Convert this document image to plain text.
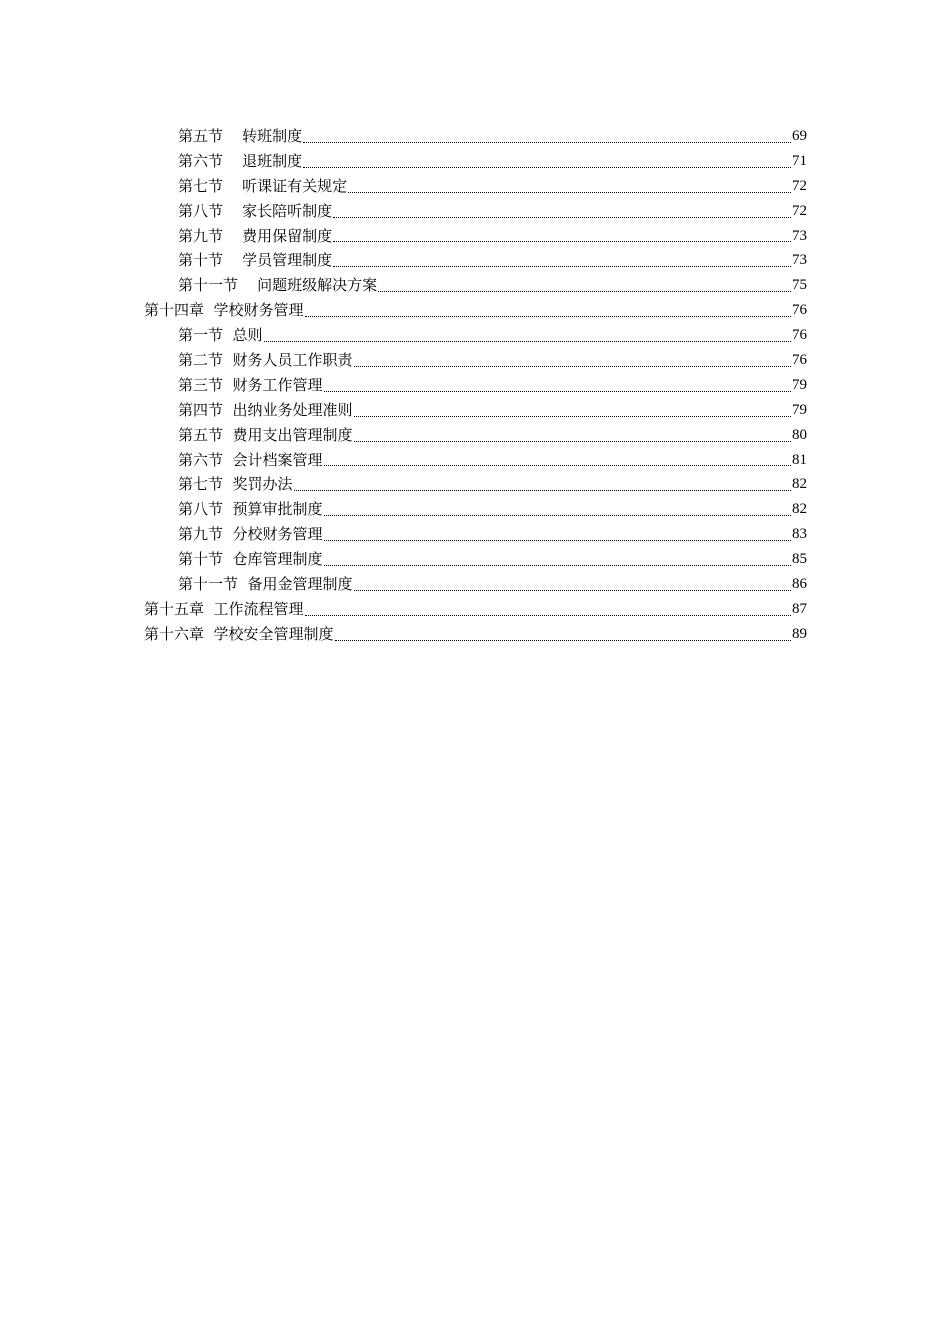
第五节    转班制度	69
第六节    退班制度	71
第七节    听课证有关规定	72
第八节    家长陪听制度	72
第九节    费用保留制度	73
第十节    学员管理制度	73
第十一节    问题班级解决方案	75
第十四章  学校财务管理	76
第一节  总则	76
第二节  财务人员工作职责	76
第三节  财务工作管理	79
第四节  出纳业务处理准则	79
第五节  费用支出管理制度	80
第六节  会计档案管理	81
第七节  奖罚办法	82
第八节  预算审批制度	82
第九节  分校财务管理	83
第十节  仓库管理制度	85
第十一节  备用金管理制度	86
第十五章  工作流程管理	87
第十六章  学校安全管理制度	89
